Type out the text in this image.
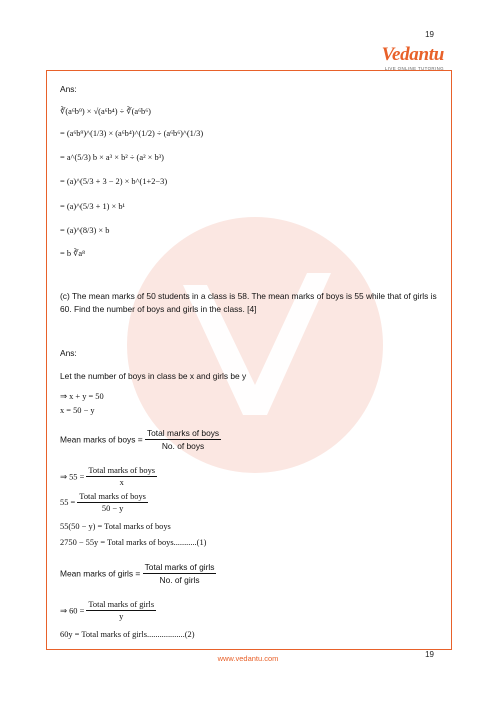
19
Vedantu
LIVE ONLINE TUTORING
Ans:
∛(a⁶b⁹) × √(a⁶b⁴) ÷ ∛(a⁶b⁶)
= (a⁶b⁹)^(1/3) × (a⁶b⁴)^(1/2) ÷ (a⁶b⁶)^(1/3)
= a^(5/3) b × a³ × b² ÷ (a² × b³)
= (a)^(5/3 + 3 − 2) × b^(1+2−3)
= (a)^(5/3 + 1) × b¹
= (a)^(8/3) × b
= b ∛a⁸
(c) The mean marks of 50 students in a class is 58. The mean marks of boys is 55 while that of girls is 60. Find the number of boys and girls in the class. [4]
Ans:
Let the number of boys in class be x and girls be y
⇒ x + y = 50
x = 50 − y
Mean marks of boys = $\frac{\text{Total marks of boys}}{\text{No. of boys}}$
⇒ $55 = \frac{\text{Total marks of boys}}{x}$
$55 = \frac{\text{Total marks of boys}}{50 - y}$
55(50 − y) = Total marks of boys
2750 − 55y = Total marks of boys...........(1)
Mean marks of girls = $\frac{\text{Total marks of girls}}{\text{No. of girls}}$
⇒ $60 = \frac{\text{Total marks of girls}}{y}$
60y = Total marks of girls..................(2)
www.vedantu.com	19
